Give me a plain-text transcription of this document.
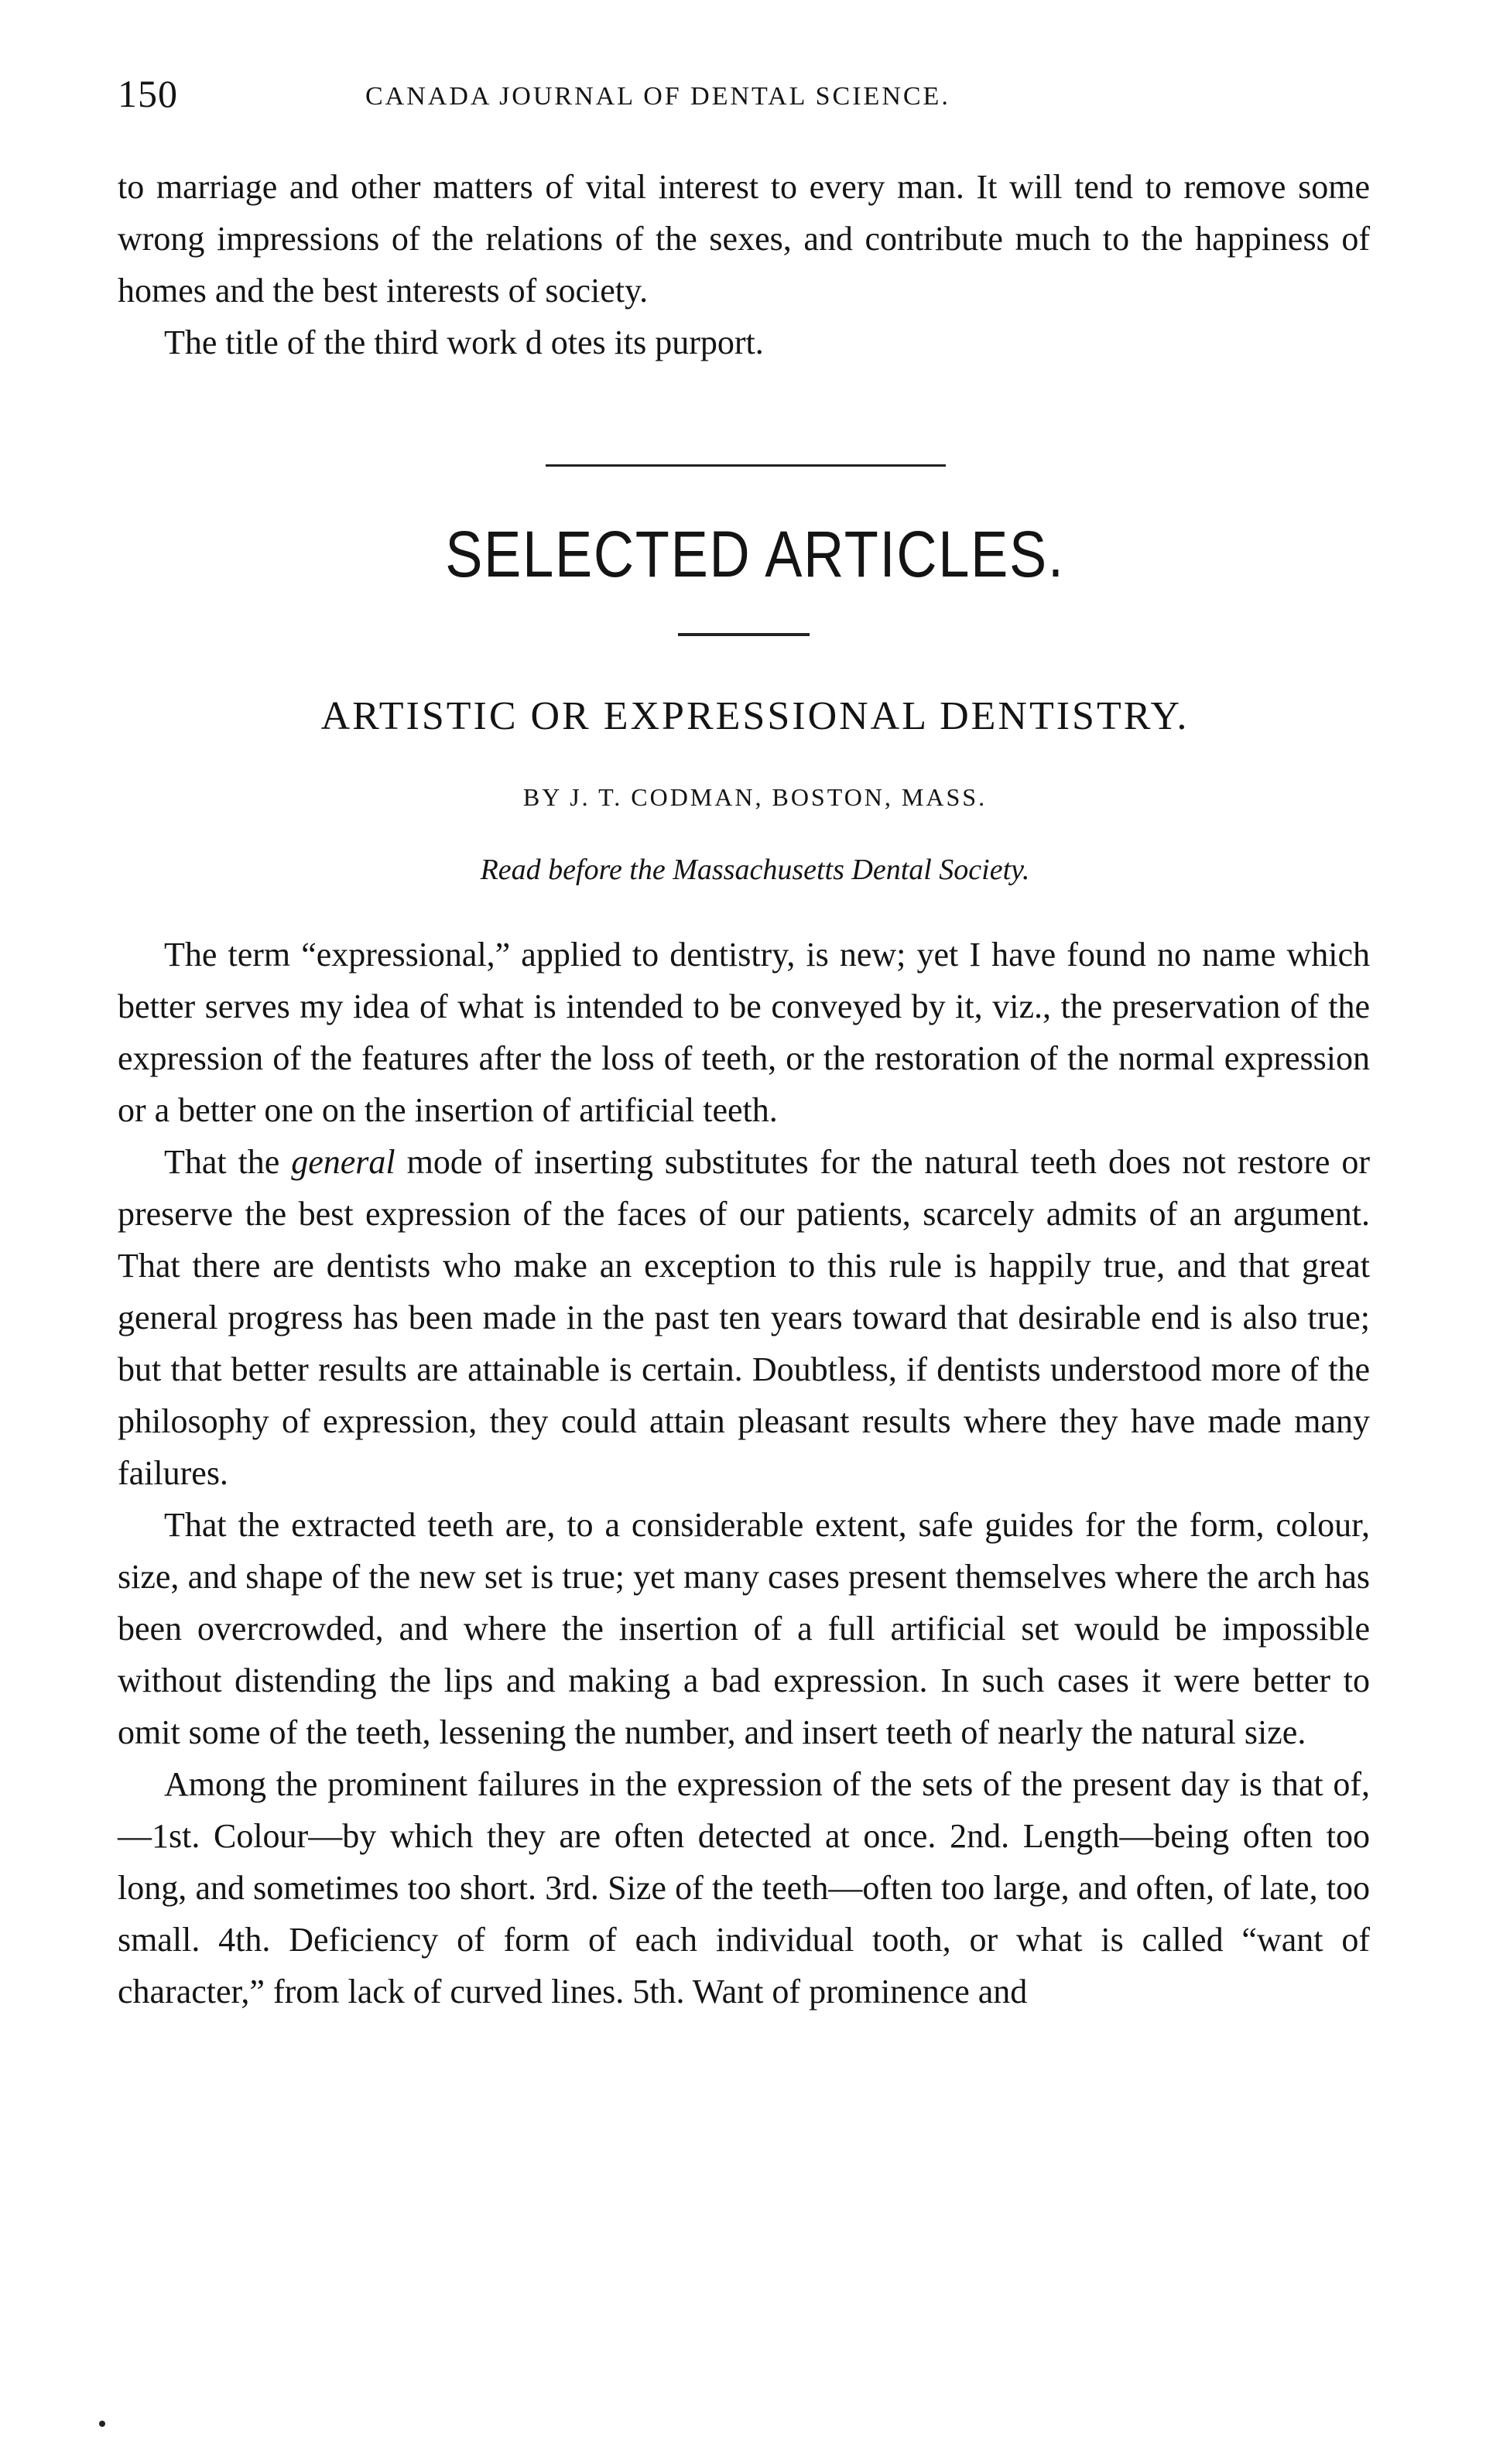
150	CANADA JOURNAL OF DENTAL SCIENCE.

to marriage and other matters of vital interest to every man. It will tend to remove some wrong impressions of the relations of the sexes, and contribute much to the happiness of homes and the best interests of society.

The title of the third work d otes its purport.

SELECTED ARTICLES.
ARTISTIC OR EXPRESSIONAL DENTISTRY.
BY J. T. CODMAN, BOSTON, MASS.
Read before the Massachusetts Dental Society.

The term “expressional,” applied to dentistry, is new; yet I have found no name which better serves my idea of what is intended to be conveyed by it, viz., the preservation of the expression of the features after the loss of teeth, or the restoration of the normal expression or a better one on the insertion of artificial teeth.

That the general mode of inserting substitutes for the natural teeth does not restore or preserve the best expression of the faces of our patients, scarcely admits of an argument. That there are dentists who make an exception to this rule is happily true, and that great general progress has been made in the past ten years toward that desirable end is also true; but that better results are attainable is certain. Doubtless, if dentists understood more of the philosophy of expression, they could attain pleasant results where they have made many failures.

That the extracted teeth are, to a considerable extent, safe guides for the form, colour, size, and shape of the new set is true; yet many cases present themselves where the arch has been overcrowded, and where the insertion of a full artificial set would be impossible without distending the lips and making a bad expression. In such cases it were better to omit some of the teeth, lessening the number, and insert teeth of nearly the natural size.

Among the prominent failures in the expression of the sets of the present day is that of,—1st. Colour—by which they are often detected at once. 2nd. Length—being often too long, and sometimes too short. 3rd. Size of the teeth—often too large, and often, of late, too small. 4th. Deficiency of form of each individual tooth, or what is called “want of character,” from lack of curved lines. 5th. Want of prominence and
